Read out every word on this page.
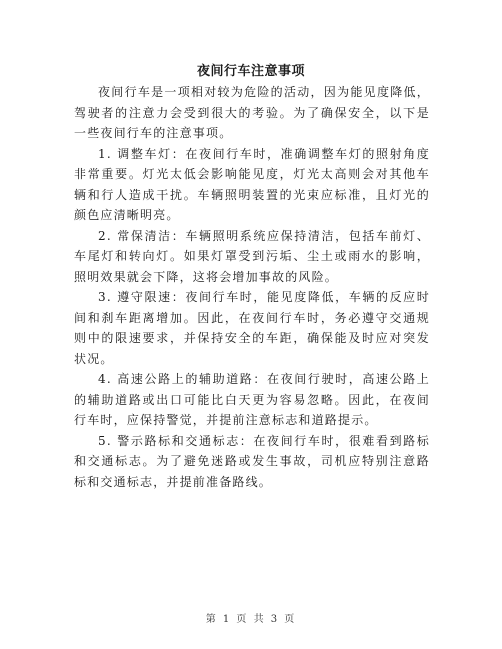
夜间行车注意事项

夜间行车是一项相对较为危险的活动，因为能见度降低，驾驶者的注意力会受到很大的考验。为了确保安全，以下是一些夜间行车的注意事项。

1. 调整车灯：在夜间行车时，准确调整车灯的照射角度非常重要。灯光太低会影响能见度，灯光太高则会对其他车辆和行人造成干扰。车辆照明装置的光束应标准，且灯光的颜色应清晰明亮。

2. 常保清洁：车辆照明系统应保持清洁，包括车前灯、车尾灯和转向灯。如果灯罩受到污垢、尘土或雨水的影响，照明效果就会下降，这将会增加事故的风险。

3. 遵守限速：夜间行车时，能见度降低，车辆的反应时间和刹车距离增加。因此，在夜间行车时，务必遵守交通规则中的限速要求，并保持安全的车距，确保能及时应对突发状况。

4. 高速公路上的辅助道路：在夜间行驶时，高速公路上的辅助道路或出口可能比白天更为容易忽略。因此，在夜间行车时，应保持警觉，并提前注意标志和道路提示。

5. 警示路标和交通标志：在夜间行车时，很难看到路标和交通标志。为了避免迷路或发生事故，司机应特别注意路标和交通标志，并提前准备路线。

第 1 页 共 3 页
